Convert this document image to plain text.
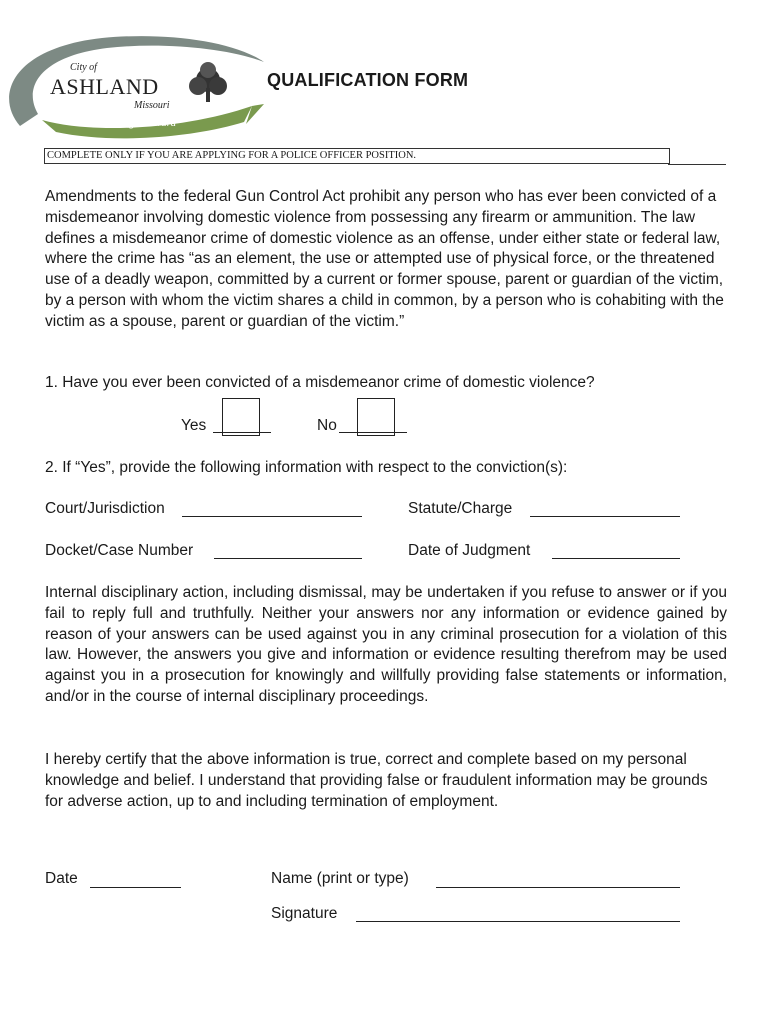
City of
ASHLAND
Missouri
Growing Forward
QUALIFICATION FORM
COMPLETE ONLY IF YOU ARE APPLYING FOR A POLICE OFFICER POSITION.

Amendments to the federal Gun Control Act prohibit any person who has ever been convicted of a misdemeanor involving domestic violence from possessing any firearm or ammunition. The law defines a misdemeanor crime of domestic violence as an offense, under either state or federal law, where the crime has “as an element, the use or attempted use of physical force, or the threatened use of a deadly weapon, committed by a current or former spouse, parent or guardian of the victim, by a person with whom the victim shares a child in common, by a person who is cohabiting with the victim as a spouse, parent or guardian of the victim.”

1. Have you ever been convicted of a misdemeanor crime of domestic violence?

Yes	No

2. If “Yes”, provide the following information with respect to the conviction(s):

Court/Jurisdiction	Statute/Charge
Docket/Case Number	Date of Judgment

Internal disciplinary action, including dismissal, may be undertaken if you refuse to answer or if you fail to reply full and truthfully. Neither your answers nor any information or evidence gained by reason of your answers can be used against you in any criminal prosecution for a violation of this law. However, the answers you give and information or evidence resulting therefrom may be used against you in a prosecution for knowingly and willfully providing false statements or information, and/or in the course of internal disciplinary proceedings.

I hereby certify that the above information is true, correct and complete based on my personal knowledge and belief. I understand that providing false or fraudulent information may be grounds for adverse action, up to and including termination of employment.

Date	Name (print or type)
Signature
